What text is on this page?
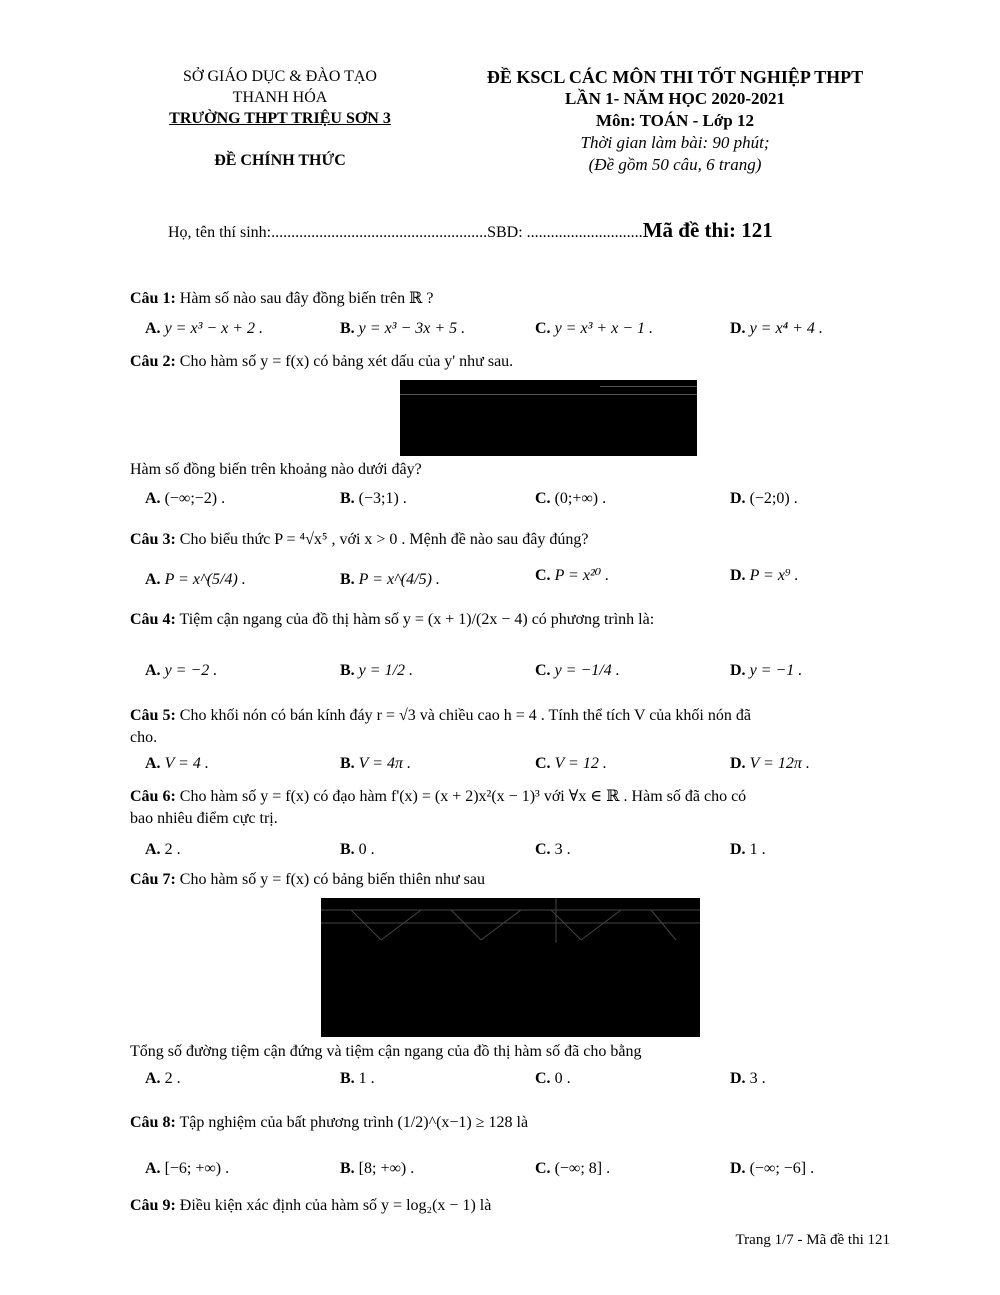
SỞ GIÁO DỤC & ĐÀO TẠO
THANH HÓA
TRƯỜNG THPT TRIỆU SƠN 3
ĐỀ CHÍNH THỨC
ĐỀ KSCL CÁC MÔN THI TỐT NGHIỆP THPT
LẦN 1- NĂM HỌC 2020-2021
Môn: TOÁN - Lớp 12
Thời gian làm bài: 90 phút;
(Đề gồm 50 câu, 6 trang)
Họ, tên thí sinh:......................................................SBD: .............................Mã đề thi: 121
Câu 1: Hàm số nào sau đây đồng biến trên ℝ ?
A. y = x³ − x + 2 .	B. y = x³ − 3x + 5 .	C. y = x³ + x − 1 .	D. y = x⁴ + 4 .
Câu 2: Cho hàm số y = f(x) có bảng xét dấu của y' như sau.
Hàm số đồng biến trên khoảng nào dưới đây?
A. (−∞;−2) .	B. (−3;1) .	C. (0;+∞) .	D. (−2;0) .
Câu 3: Cho biểu thức P = ⁴√x⁵ , với x > 0 . Mệnh đề nào sau đây đúng?
A. P = x^(5/4) .	B. P = x^(4/5) .	C. P = x²⁰ .	D. P = x⁹ .
Câu 4: Tiệm cận ngang của đồ thị hàm số y = (x + 1)/(2x − 4) có phương trình là:
A. y = −2 .	B. y = 1/2 .	C. y = −1/4 .	D. y = −1 .
Câu 5: Cho khối nón có bán kính đáy r = √3 và chiều cao h = 4 . Tính thể tích V của khối nón đã
cho.
A. V = 4 .	B. V = 4π .	C. V = 12 .	D. V = 12π .
Câu 6: Cho hàm số y = f(x) có đạo hàm f'(x) = (x + 2)x²(x − 1)³ với ∀x ∈ ℝ . Hàm số đã cho có
bao nhiêu điểm cực trị.
A. 2 .	B. 0 .	C. 3 .	D. 1 .
Câu 7: Cho hàm số y = f(x) có bảng biến thiên như sau
Tổng số đường tiệm cận đứng và tiệm cận ngang của đồ thị hàm số đã cho bằng
A. 2 .	B. 1 .	C. 0 .	D. 3 .
Câu 8: Tập nghiệm của bất phương trình (1/2)^(x−1) ≥ 128 là
A. [−6; +∞) .	B. [8; +∞) .	C. (−∞; 8] .	D. (−∞; −6] .
Câu 9: Điều kiện xác định của hàm số y = log₂(x − 1) là
Trang 1/7 - Mã đề thi 121
